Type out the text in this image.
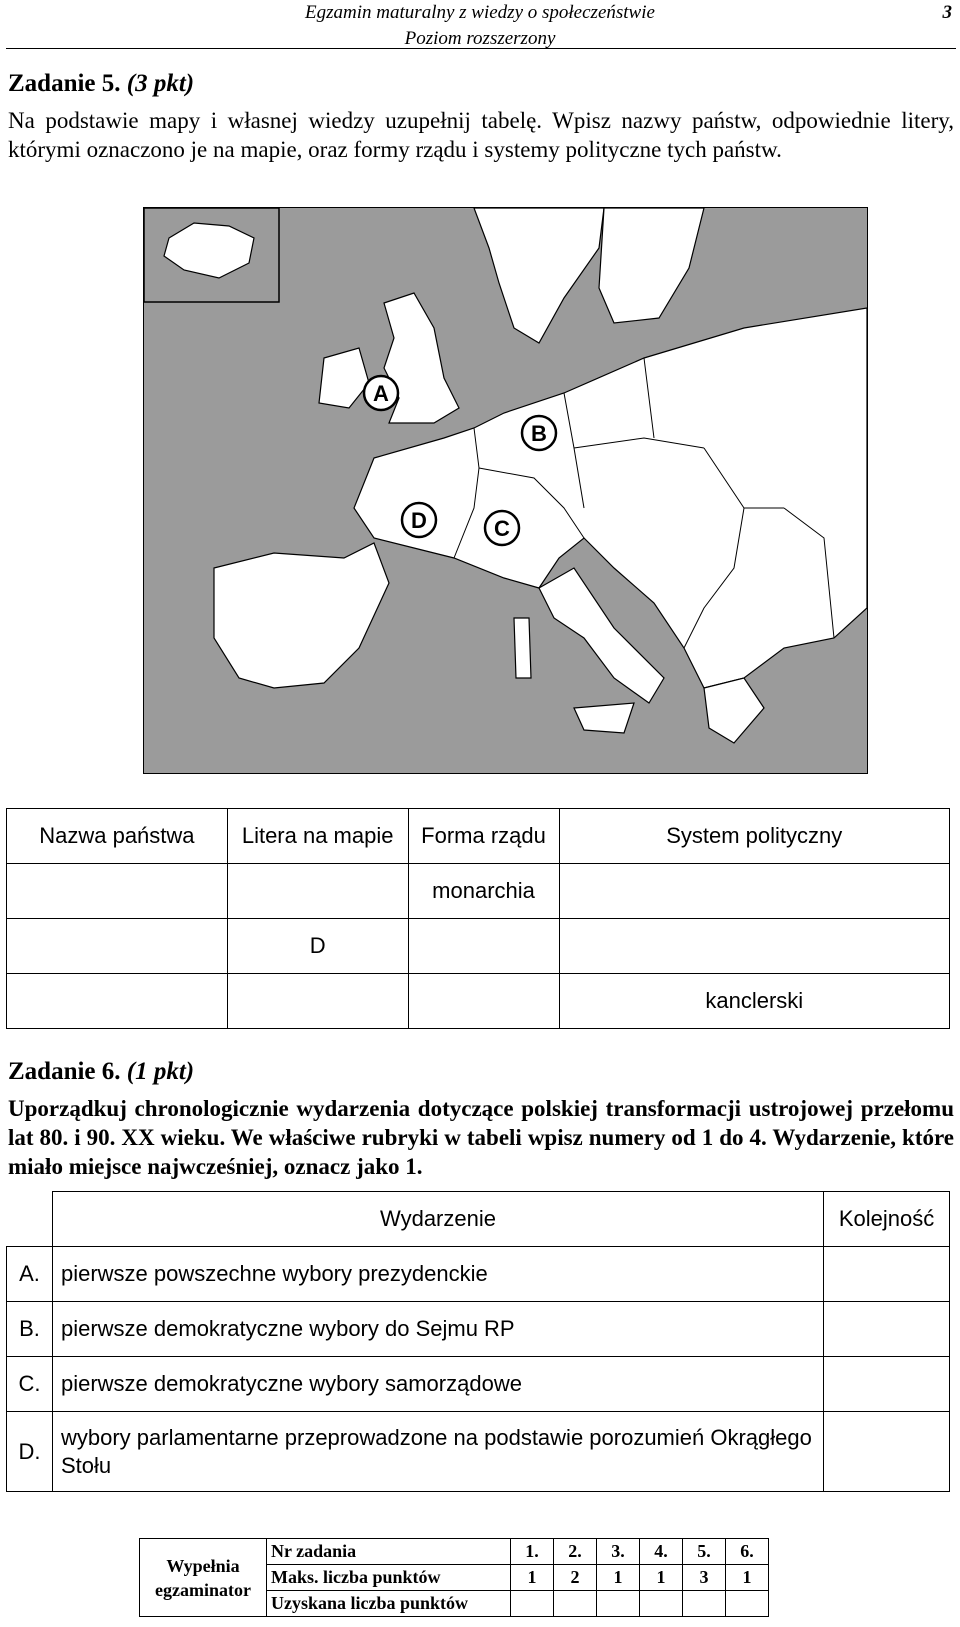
Egzamin maturalny z wiedzy o społeczeństwie
Poziom rozszerzony
3
Zadanie 5. (3 pkt)
Na podstawie mapy i własnej wiedzy uzupełnij tabelę. Wpisz nazwy państw, odpowiednie litery, którymi oznaczono je na mapie, oraz formy rządu i systemy polityczne tych państw.
A
B
C
D
Nazwa państwa	Litera na mapie	Forma rządu	System polityczny
		monarchia	
	D		
			kanclerski
Zadanie 6. (1 pkt)
Uporządkuj chronologicznie wydarzenia dotyczące polskiej transformacji ustrojowej przełomu lat 80. i 90. XX wieku. We właściwe rubryki w tabeli wpisz numery od 1 do 4. Wydarzenie, które miało miejsce najwcześniej, oznacz jako 1.
	Wydarzenie	Kolejność
A.	pierwsze powszechne wybory prezydenckie	
B.	pierwsze demokratyczne wybory do Sejmu RP	
C.	pierwsze demokratyczne wybory samorządowe	
D.	wybory parlamentarne przeprowadzone na podstawie porozumień Okrągłego Stołu	
Wypełnia
egzaminator	Nr zadania	1.	2.	3.	4.	5.	6.
	Maks. liczba punktów	1	2	1	1	3	1
	Uzyskana liczba punktów						
